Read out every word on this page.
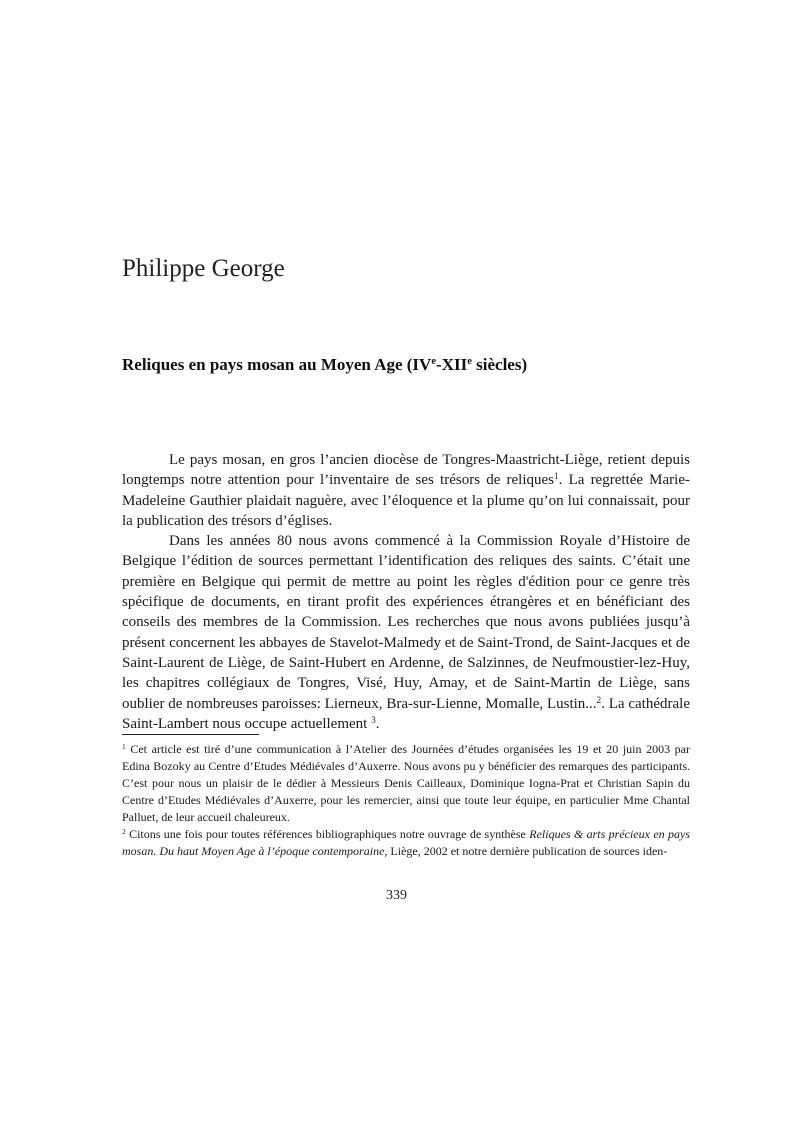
Philippe George
Reliques en pays mosan au Moyen Age (IVe-XIIe siècles)

Le pays mosan, en gros l’ancien diocèse de Tongres-Maastricht-Liège, retient depuis longtemps notre attention pour l’inventaire de ses trésors de reliques$^1$. La regrettée Marie-Madeleine Gauthier plaidait naguère, avec l’éloquence et la plume qu’on lui connaissait, pour la publication des trésors d’églises.

Dans les années 80 nous avons commencé à la Commission Royale d’Histoire de Belgique l’édition de sources permettant l’identification des reliques des saints. C’était une première en Belgique qui permit de mettre au point les règles d'édition pour ce genre très spécifique de documents, en tirant profit des expériences étrangères et en bénéficiant des conseils des membres de la Commission. Les recherches que nous avons publiées jusqu’à présent concernent les abbayes de Stavelot-Malmedy et de Saint-Trond, de Saint-Jacques et de Saint-Laurent de Liège, de Saint-Hubert en Ardenne, de Salzinnes, de Neufmoustier-lez-Huy, les chapitres collégiaux de Tongres, Visé, Huy, Amay, et de Saint-Martin de Liège, sans oublier de nombreuses paroisses: Lierneux, Bra-sur-Lienne, Momalle, Lustin...$^2$. La cathédrale Saint-Lambert nous occupe actuellement $^3$.

$^1$ Cet article est tiré d’une communication à l’Atelier des Journées d’études organisées les 19 et 20 juin 2003 par Edina Bozoky au Centre d’Etudes Médiévales d’Auxerre. Nous avons pu y bénéficier des remarques des participants. C’est pour nous un plaisir de le dédier à Messieurs Denis Cailleaux, Dominique Iogna-Prat et Christian Sapin du Centre d’Etudes Médiévales d’Auxerre, pour les remercier, ainsi que toute leur équipe, en particulier Mme Chantal Palluet, de leur accueil chaleureux.

$^2$ Citons une fois pour toutes références bibliographiques notre ouvrage de synthèse Reliques & arts précieux en pays mosan. Du haut Moyen Age à l’époque contemporaine, Liège, 2002 et notre dernière publication de sources iden-

339
